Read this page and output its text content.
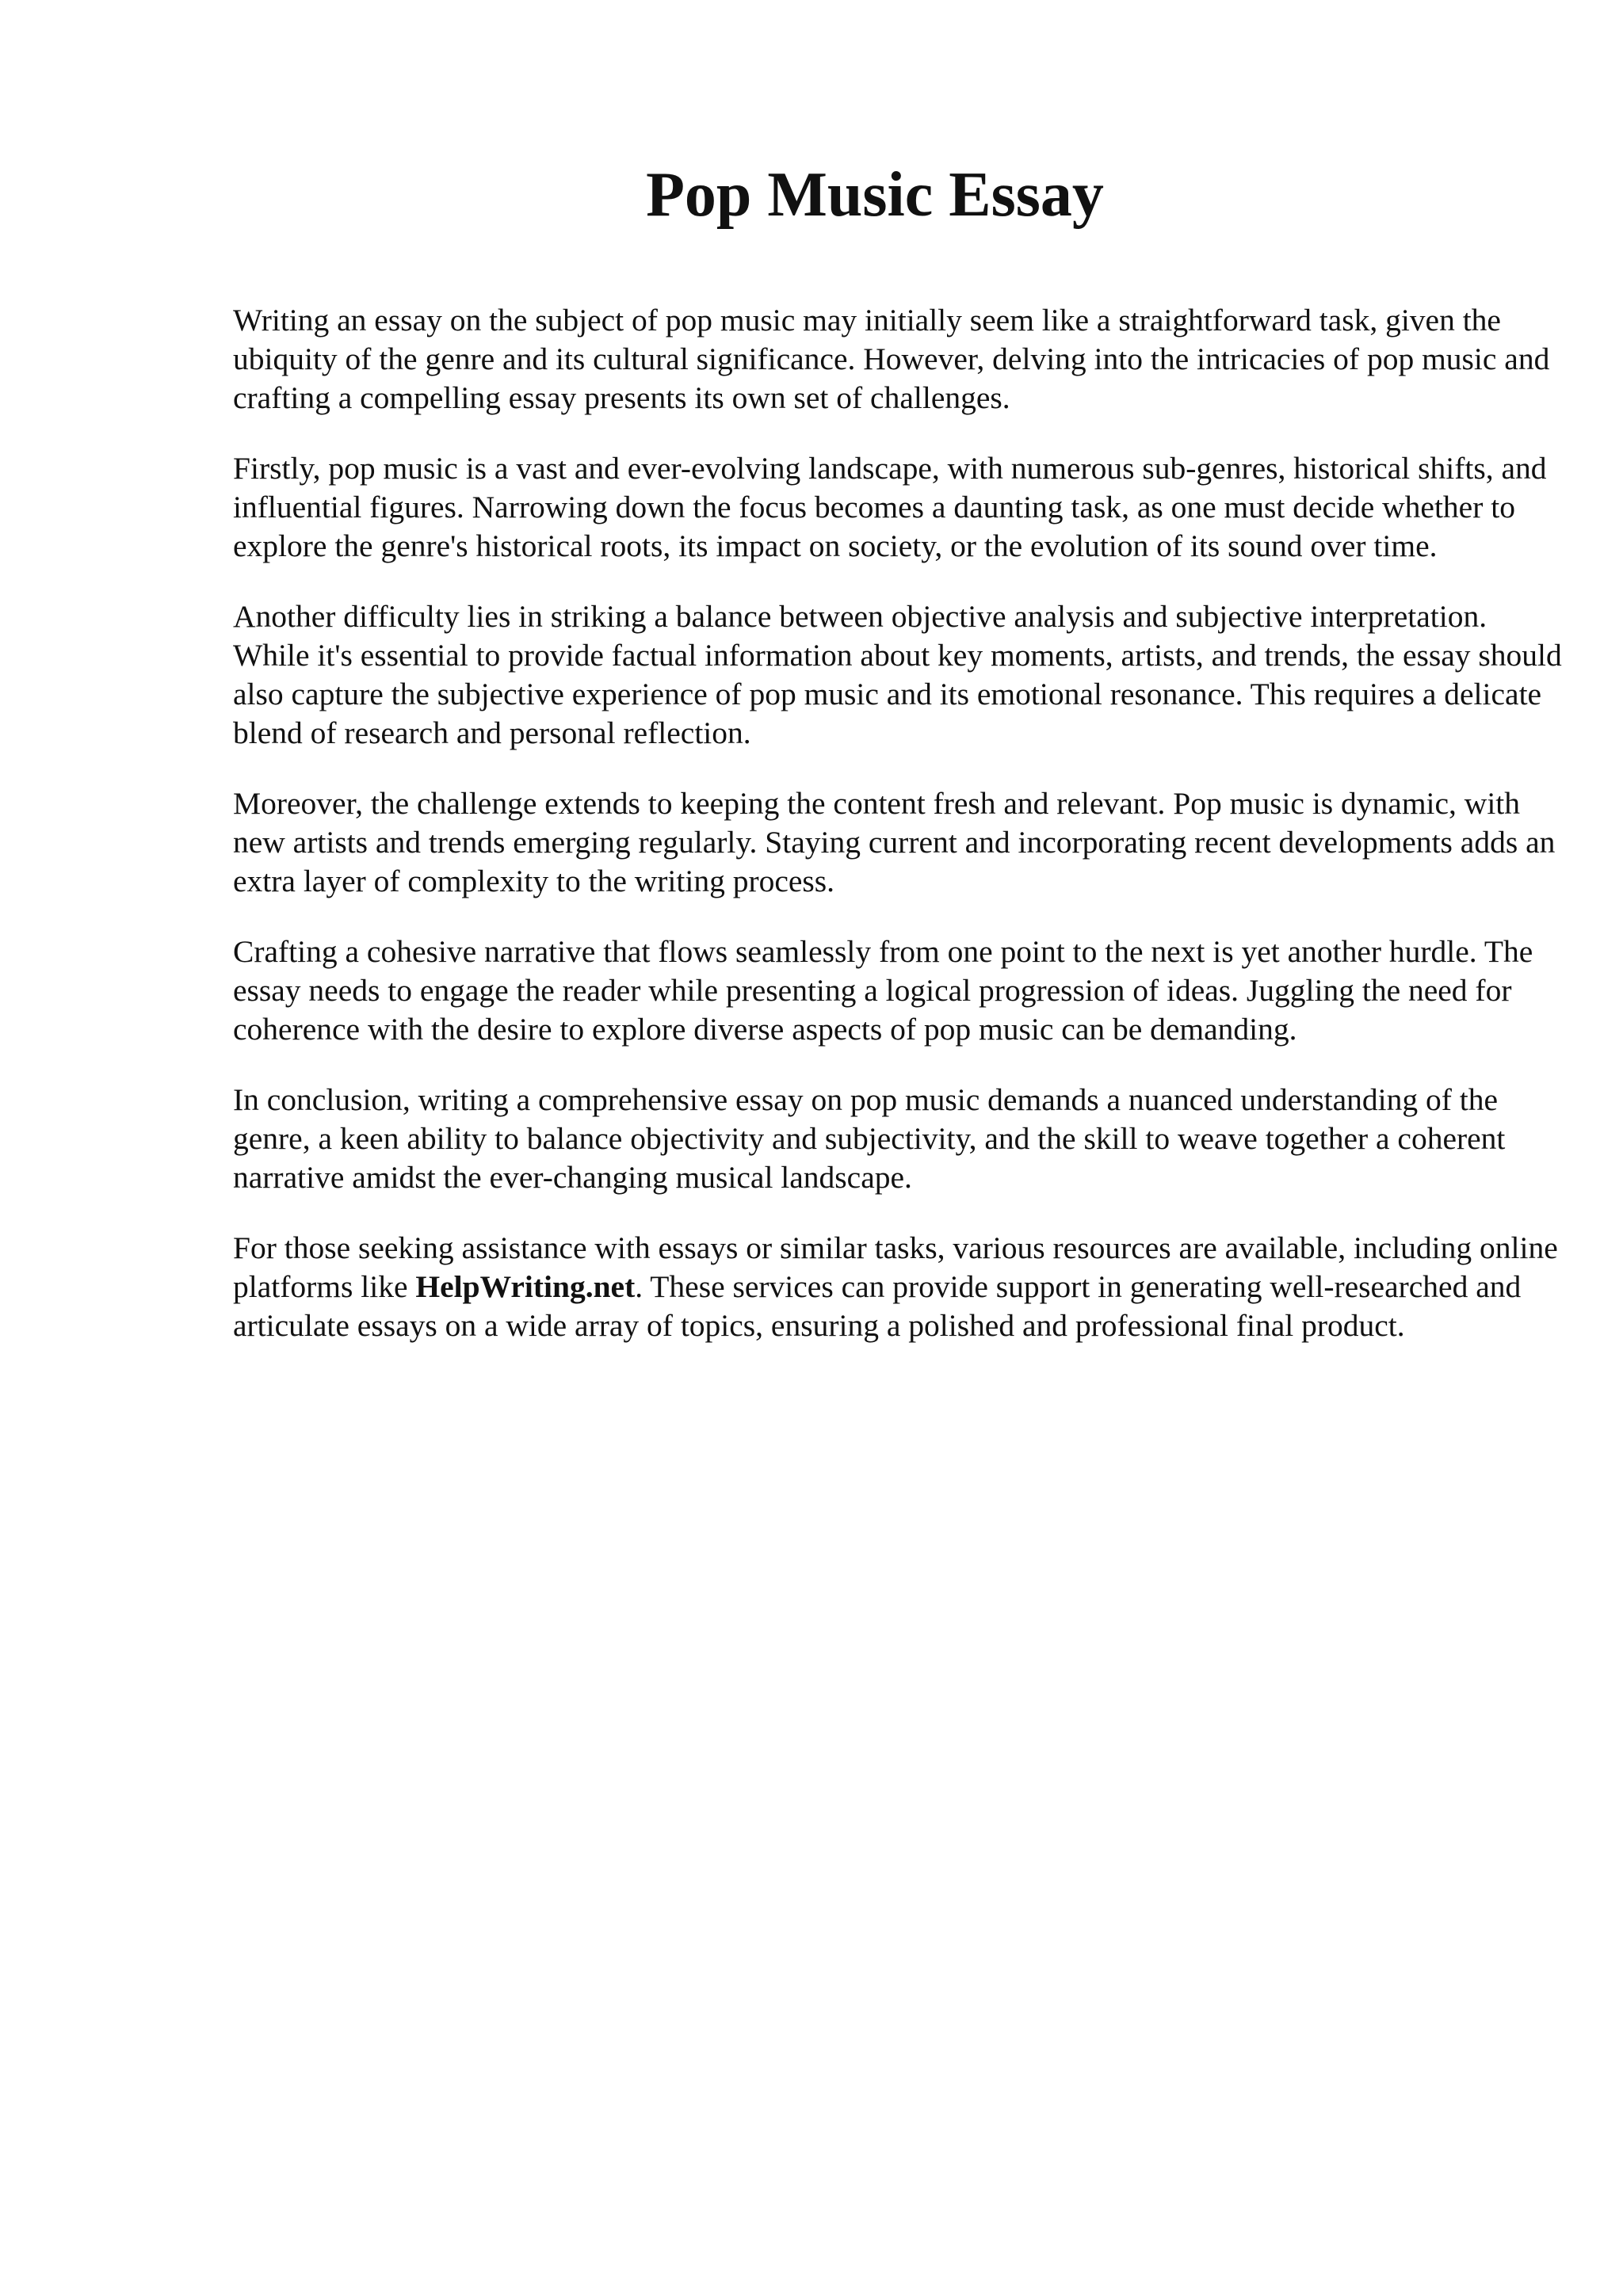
Pop Music Essay

Writing an essay on the subject of pop music may initially seem like a straightforward task, given the ubiquity of the genre and its cultural significance. However, delving into the intricacies of pop music and crafting a compelling essay presents its own set of challenges.

Firstly, pop music is a vast and ever-evolving landscape, with numerous sub-genres, historical shifts, and influential figures. Narrowing down the focus becomes a daunting task, as one must decide whether to explore the genre's historical roots, its impact on society, or the evolution of its sound over time.

Another difficulty lies in striking a balance between objective analysis and subjective interpretation. While it's essential to provide factual information about key moments, artists, and trends, the essay should also capture the subjective experience of pop music and its emotional resonance. This requires a delicate blend of research and personal reflection.

Moreover, the challenge extends to keeping the content fresh and relevant. Pop music is dynamic, with new artists and trends emerging regularly. Staying current and incorporating recent developments adds an extra layer of complexity to the writing process.

Crafting a cohesive narrative that flows seamlessly from one point to the next is yet another hurdle. The essay needs to engage the reader while presenting a logical progression of ideas. Juggling the need for coherence with the desire to explore diverse aspects of pop music can be demanding.

In conclusion, writing a comprehensive essay on pop music demands a nuanced understanding of the genre, a keen ability to balance objectivity and subjectivity, and the skill to weave together a coherent narrative amidst the ever-changing musical landscape.

For those seeking assistance with essays or similar tasks, various resources are available, including online platforms like HelpWriting.net. These services can provide support in generating well-researched and articulate essays on a wide array of topics, ensuring a polished and professional final product.
